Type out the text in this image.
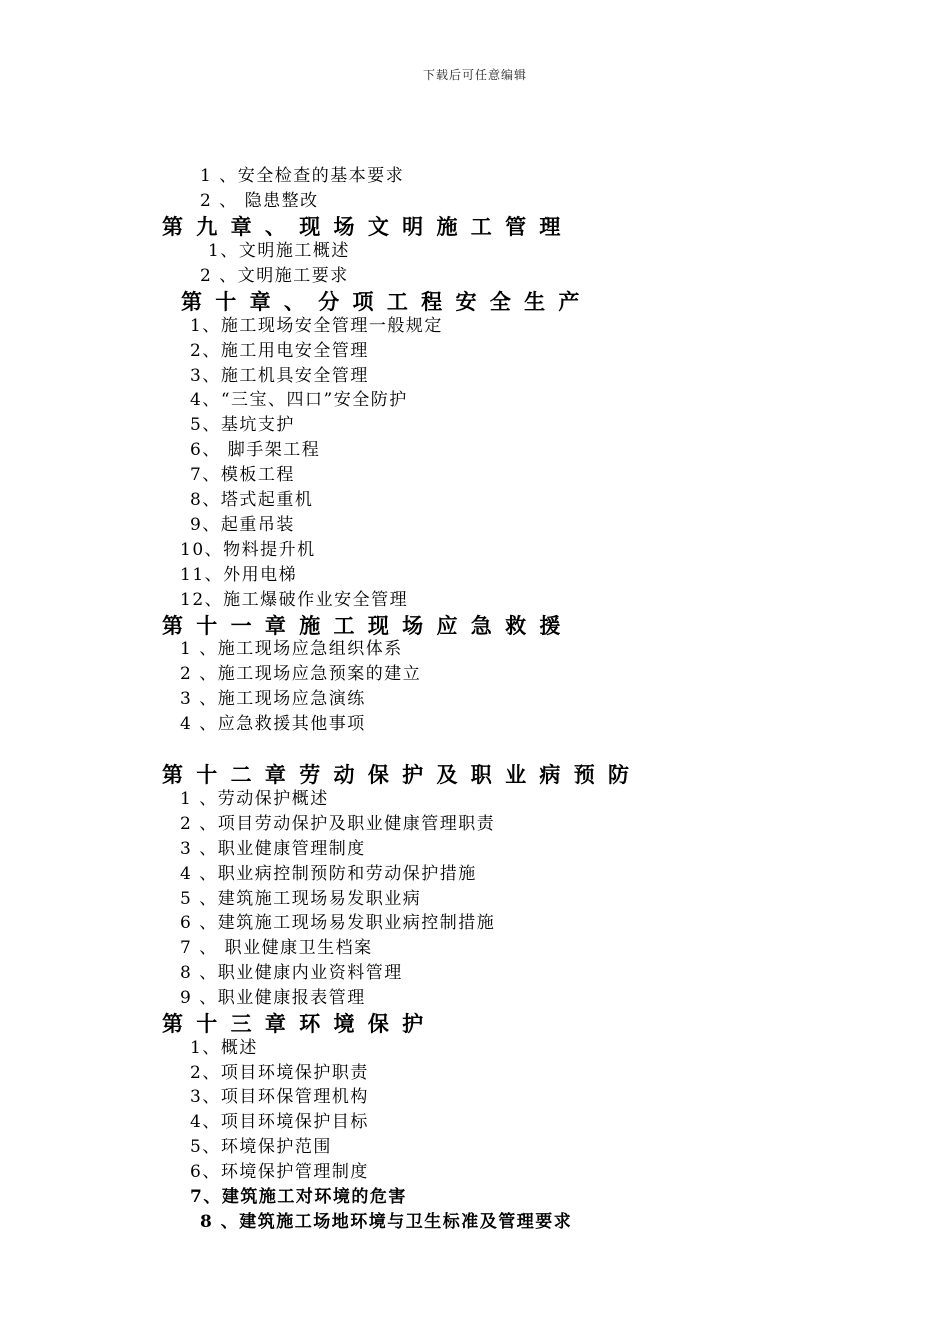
下载后可任意编辑
1 、安全检查的基本要求
2 、 隐患整改
第 九 章 、 现 场 文 明 施 工 管 理
1、文明施工概述
2 、文明施工要求
第 十 章 、 分 项 工 程 安 全 生 产
1、施工现场安全管理一般规定
2、施工用电安全管理
3、施工机具安全管理
4、“三宝、四口”安全防护
5、基坑支护
6、 脚手架工程
7、模板工程
8、塔式起重机
9、起重吊装
10、物料提升机
11、外用电梯
12、施工爆破作业安全管理
第 十 一 章 施 工 现 场 应 急 救 援
1 、施工现场应急组织体系
2 、施工现场应急预案的建立
3 、施工现场应急演练
4 、应急救援其他事项
第 十 二 章 劳 动 保 护 及 职 业 病 预 防
1 、劳动保护概述
2 、项目劳动保护及职业健康管理职责
3 、职业健康管理制度
4 、职业病控制预防和劳动保护措施
5 、建筑施工现场易发职业病
6 、建筑施工现场易发职业病控制措施
7 、 职业健康卫生档案
8 、职业健康内业资料管理
9 、职业健康报表管理
第 十 三 章 环 境 保 护
1、概述
2、项目环境保护职责
3、项目环保管理机构
4、项目环境保护目标
5、环境保护范围
6、环境保护管理制度
7、建筑施工对环境的危害
8 、建筑施工场地环境与卫生标准及管理要求
